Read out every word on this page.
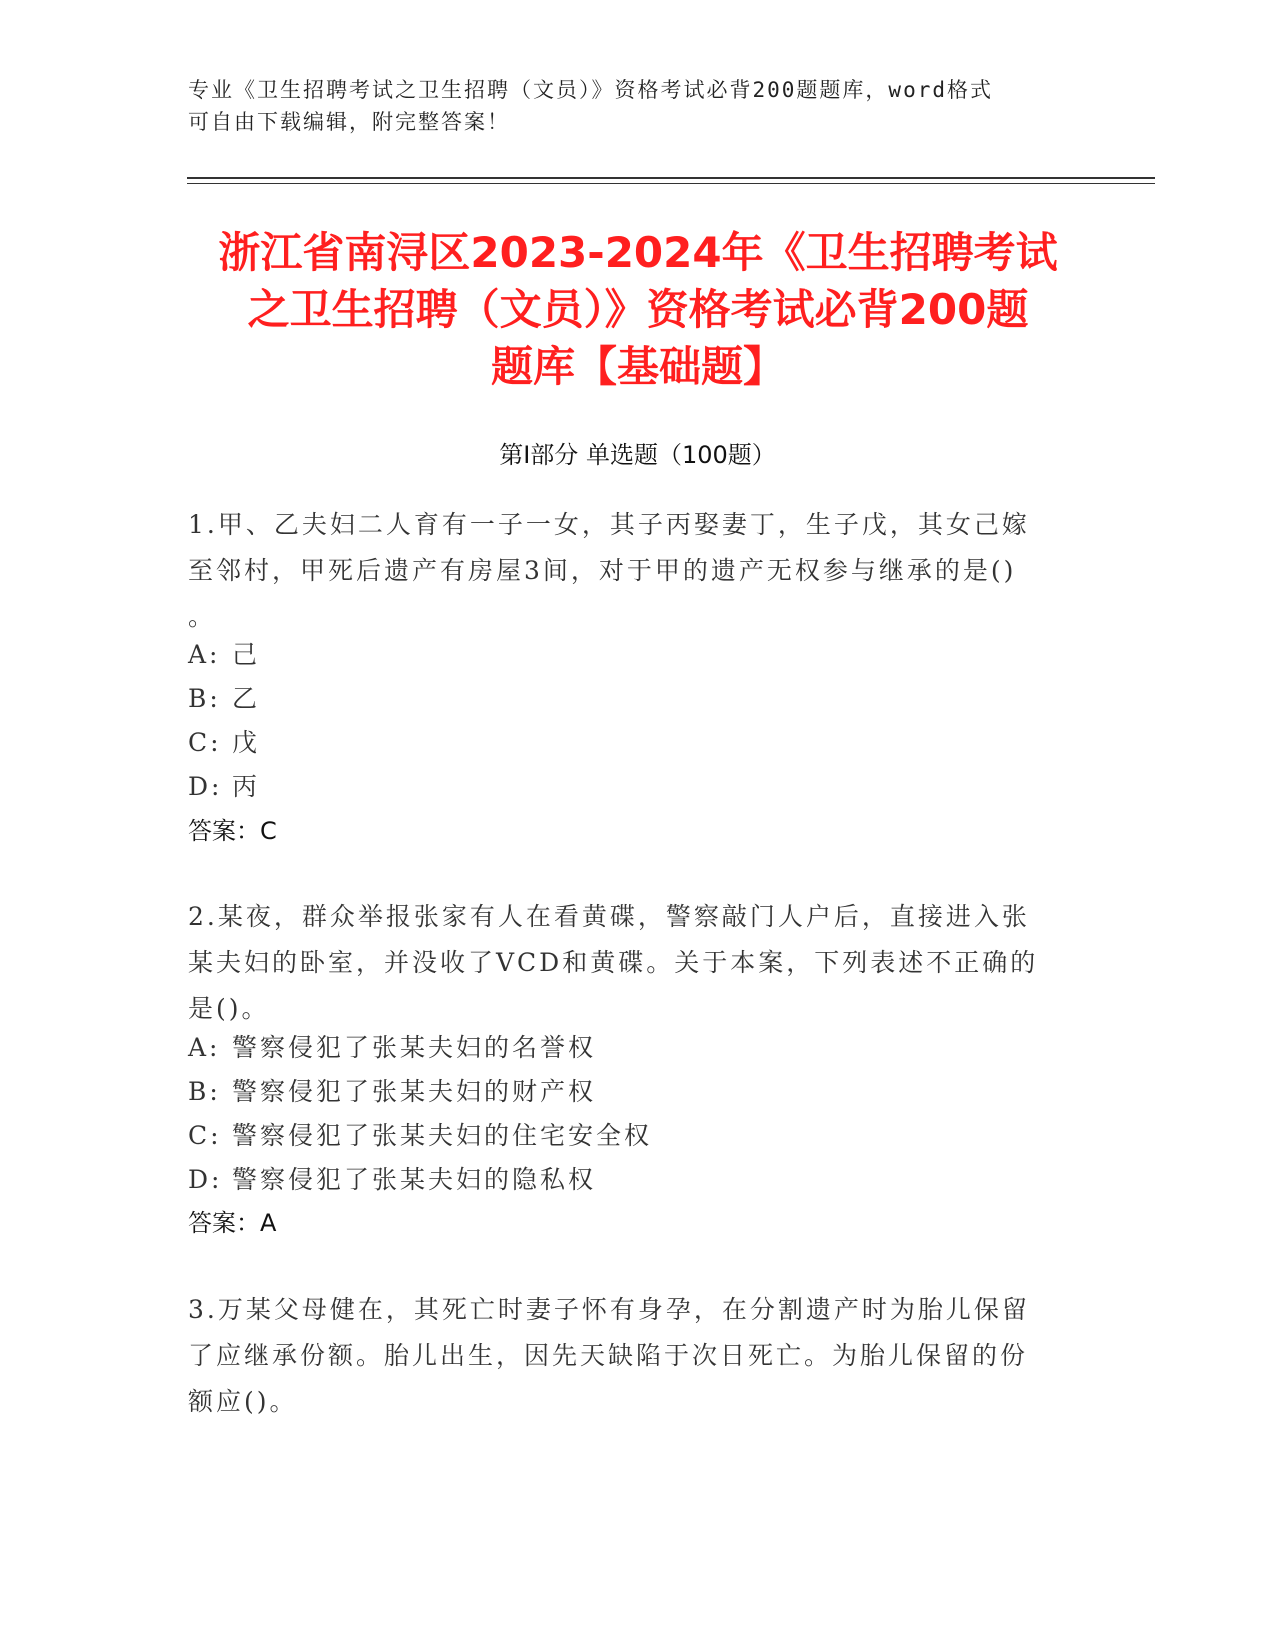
专业《卫生招聘考试之卫生招聘（文员）》资格考试必背200题题库，word格式
可自由下载编辑，附完整答案！
浙江省南浔区2023-2024年《卫生招聘考试
之卫生招聘（文员）》资格考试必背200题
题库【基础题】
第I部分 单选题（100题）
1.甲、乙夫妇二人育有一子一女，其子丙娶妻丁，生子戊，其女己嫁
至邻村，甲死后遗产有房屋3间，对于甲的遗产无权参与继承的是()
。
A: 己
B: 乙
C: 戊
D: 丙
答案：C
2.某夜，群众举报张家有人在看黄碟，警察敲门人户后，直接进入张
某夫妇的卧室，并没收了VCD和黄碟。关于本案，下列表述不正确的
是()。
A: 警察侵犯了张某夫妇的名誉权
B: 警察侵犯了张某夫妇的财产权
C: 警察侵犯了张某夫妇的住宅安全权
D: 警察侵犯了张某夫妇的隐私权
答案：A
3.万某父母健在，其死亡时妻子怀有身孕，在分割遗产时为胎儿保留
了应继承份额。胎儿出生，因先天缺陷于次日死亡。为胎儿保留的份
额应()。
